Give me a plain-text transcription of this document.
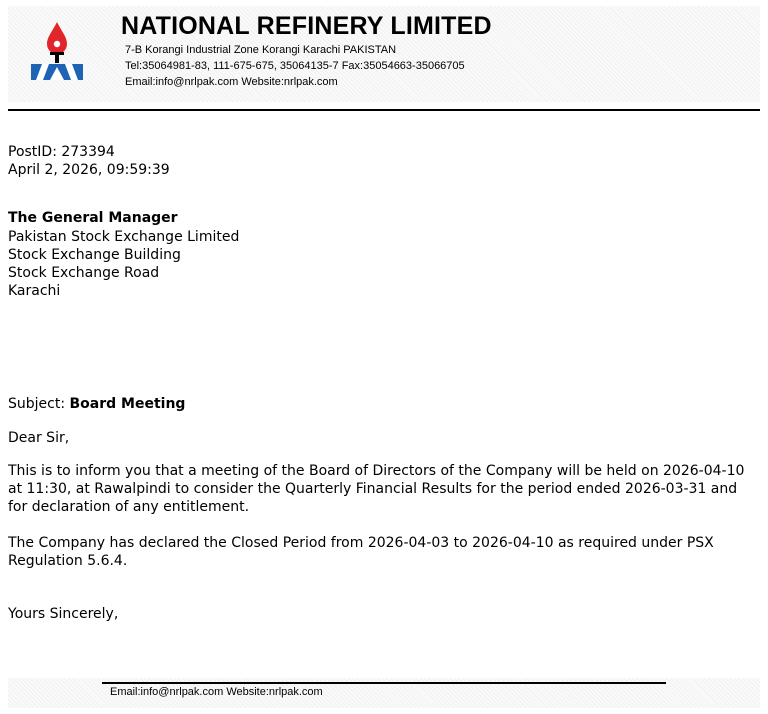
NATIONAL REFINERY LIMITED
7-B Korangi Industrial Zone Korangi Karachi PAKISTAN
Tel:35064981-83, 111-675-675, 35064135-7 Fax:35054663-35066705
Email:info@nrlpak.com Website:nrlpak.com
PostID: 273394
April 2, 2026, 09:59:39
The General Manager
Pakistan Stock Exchange Limited
Stock Exchange Building
Stock Exchange Road
Karachi
Subject: Board Meeting
Dear Sir,
This is to inform you that a meeting of the Board of Directors of the Company will be held on 2026-04-10 at 11:30, at Rawalpindi to consider the Quarterly Financial Results for the period ended 2026-03-31 and for declaration of any entitlement.
The Company has declared the Closed Period from 2026-04-03 to 2026-04-10 as required under PSX Regulation 5.6.4.
Yours Sincerely,
Email:info@nrlpak.com Website:nrlpak.com
